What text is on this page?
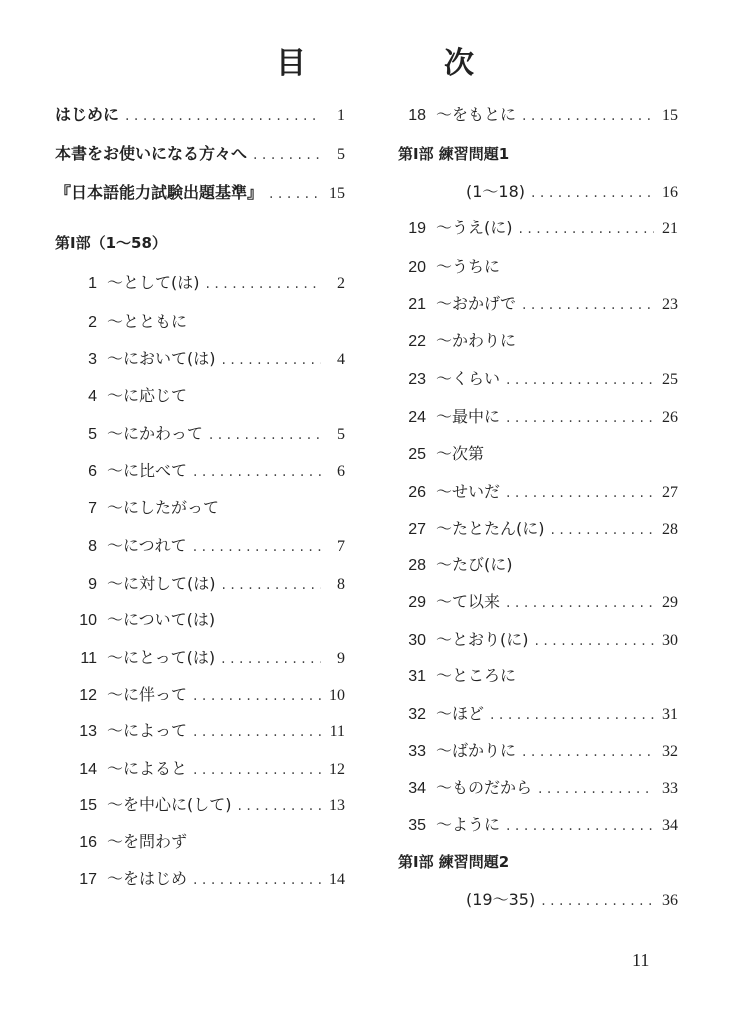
目　次
はじめに . . .	1
本書をお使いになる方々へ . . .	5
『日本語能力試験出題基準』 . . .	15
第Ⅰ部（1〜58）
1 〜として(は) . . .	2
2 〜とともに
3 〜において(は) . . .	4
4 〜に応じて
5 〜にかわって . . .	5
6 〜に比べて . . .	6
7 〜にしたがって
8 〜につれて . . .	7
9 〜に対して(は) . . .	8
10 〜について(は)
11 〜にとって(は) . . .	9
12 〜に伴って . . .	10
13 〜によって . . .	11
14 〜によると . . .	12
15 〜を中心に(して) . . .	13
16 〜を問わず
17 〜をはじめ . . .	14
18 〜をもとに . . .	15
第Ⅰ部 練習問題1
(1〜18) . . .	16
19 〜うえ(に) . . .	21
20 〜うちに
21 〜おかげで . . .	23
22 〜かわりに
23 〜くらい . . .	25
24 〜最中に . . .	26
25 〜次第
26 〜せいだ . . .	27
27 〜たとたん(に) . . .	28
28 〜たび(に)
29 〜て以来 . . .	29
30 〜とおり(に) . . .	30
31 〜ところに
32 〜ほど . . .	31
33 〜ばかりに . . .	32
34 〜ものだから . . .	33
35 〜ように . . .	34
第Ⅰ部 練習問題2
(19〜35) . . .	36
11
